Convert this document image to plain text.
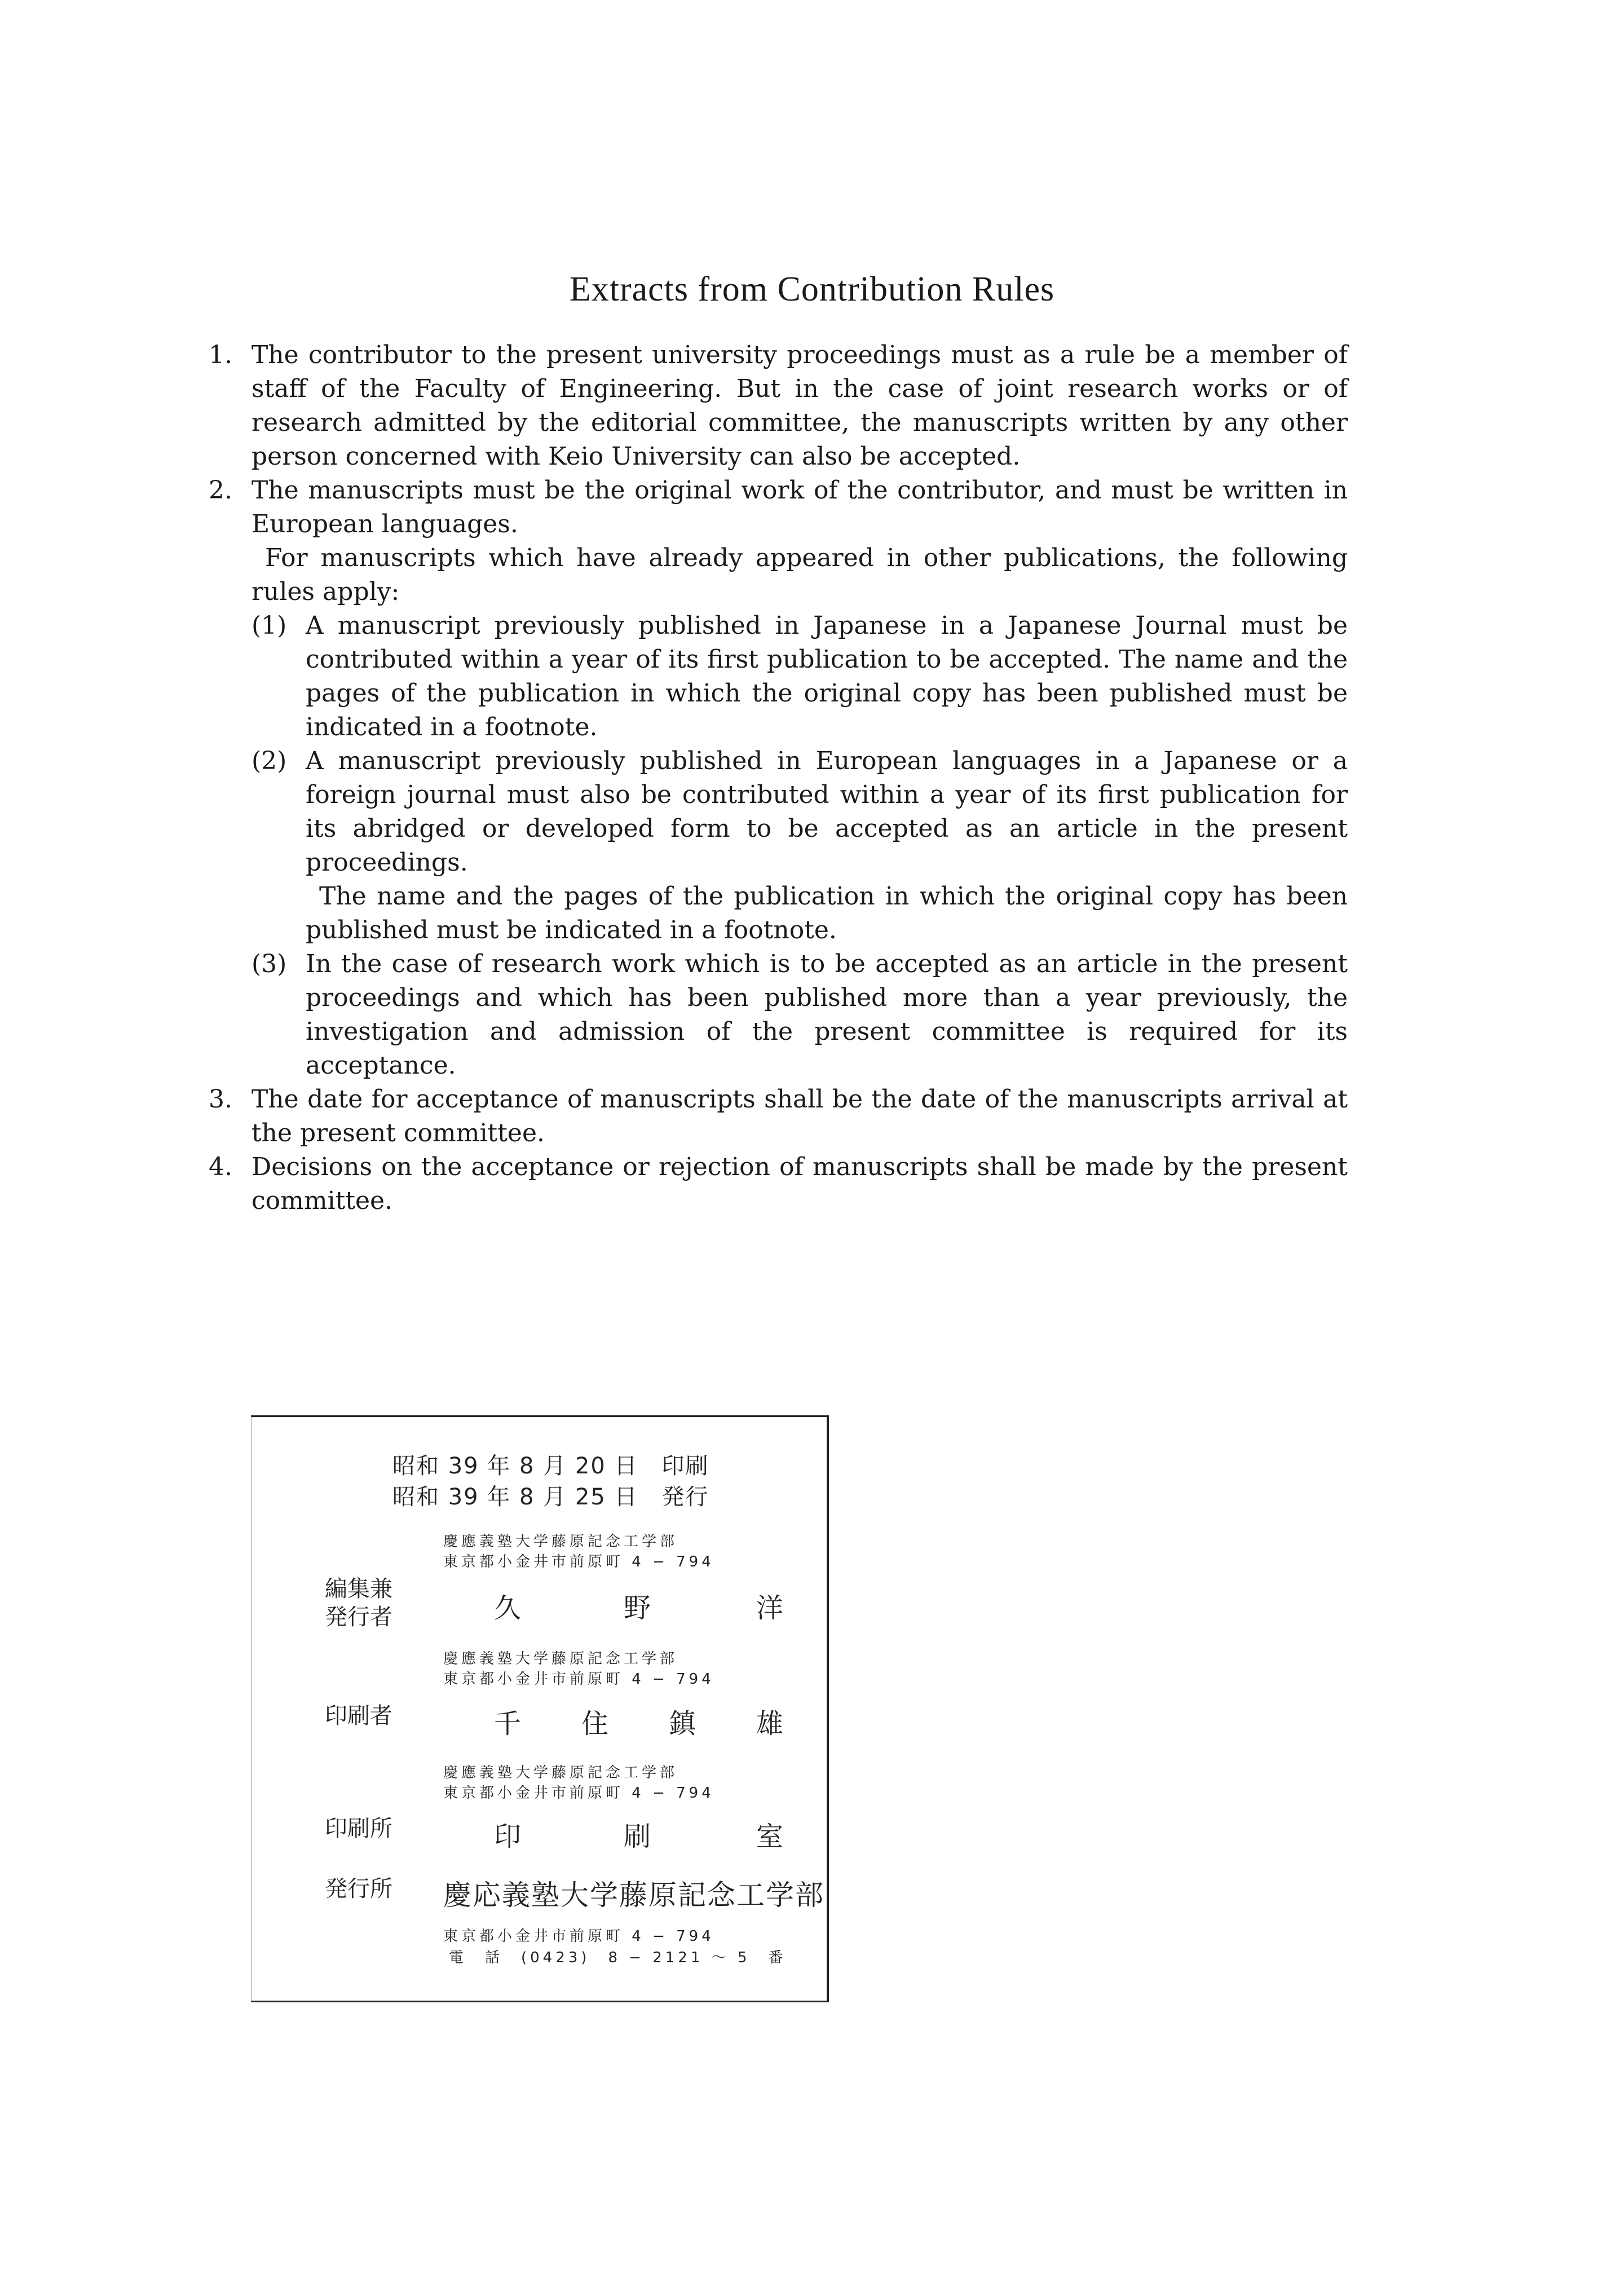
Extracts from Contribution Rules
1. The contributor to the present university proceedings must as a rule be a member of staff of the Faculty of Engineering. But in the case of joint research works or of research admitted by the editorial committee, the manuscripts written by any other person concerned with Keio University can also be accepted.
2. The manuscripts must be the original work of the contributor, and must be written in European languages.
For manuscripts which have already appeared in other publications, the following rules apply:
(1) A manuscript previously published in Japanese in a Japanese Journal must be contributed within a year of its first publication to be accepted. The name and the pages of the publication in which the original copy has been published must be indicated in a footnote.
(2) A manuscript previously published in European languages in a Japanese or a foreign journal must also be contributed within a year of its first publication for its abridged or developed form to be accepted as an article in the present proceedings.
The name and the pages of the publication in which the original copy has been published must be indicated in a footnote.
(3) In the case of research work which is to be accepted as an article in the present proceedings and which has been published more than a year previously, the investigation and admission of the present committee is required for its acceptance.
3. The date for acceptance of manuscripts shall be the date of the manuscripts arrival at the present committee.
4. Decisions on the acceptance or rejection of manuscripts shall be made by the present committee.
昭和 39 年 8 月 20 日　印刷
昭和 39 年 8 月 25 日　発行
慶應義塾大学藤原記念工学部
東京都小金井市前原町 4 − 794
編集兼
発行者	久	野	洋
慶應義塾大学藤原記念工学部
東京都小金井市前原町 4 − 794
印刷者	千 住 鎮 雄
慶應義塾大学藤原記念工学部
東京都小金井市前原町 4 − 794
印刷所	印	刷	室
発行所 慶応義塾大学藤原記念工学部
東京都小金井市前原町 4 − 794
電　話　(0423)　8 − 2121 〜 5　番
